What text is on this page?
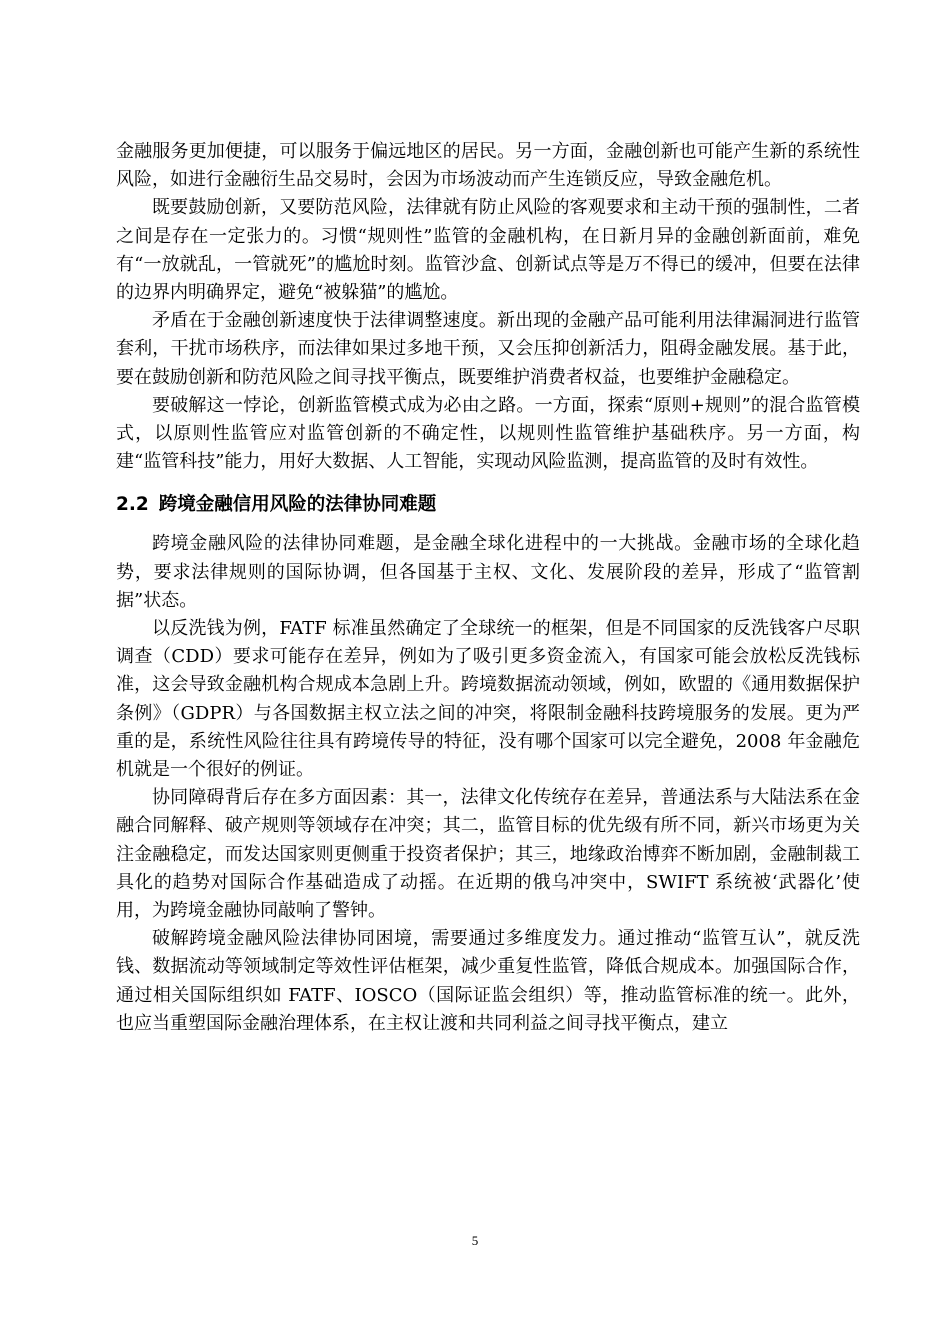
金融服务更加便捷，可以服务于偏远地区的居民。另一方面，金融创新也可能产生新的系统性风险，如进行金融衍生品交易时，会因为市场波动而产生连锁反应，导致金融危机。

既要鼓励创新，又要防范风险，法律就有防止风险的客观要求和主动干预的强制性，二者之间是存在一定张力的。习惯“规则性”监管的金融机构，在日新月异的金融创新面前，难免有“一放就乱，一管就死”的尴尬时刻。监管沙盒、创新试点等是万不得已的缓冲，但要在法律的边界内明确界定，避免“被躲猫”的尴尬。

矛盾在于金融创新速度快于法律调整速度。新出现的金融产品可能利用法律漏洞进行监管套利，干扰市场秩序，而法律如果过多地干预，又会压抑创新活力，阻碍金融发展。基于此，要在鼓励创新和防范风险之间寻找平衡点，既要维护消费者权益，也要维护金融稳定。

要破解这一悖论，创新监管模式成为必由之路。一方面，探索“原则+规则”的混合监管模式，以原则性监管应对监管创新的不确定性，以规则性监管维护基础秩序。另一方面，构建“监管科技”能力，用好大数据、人工智能，实现动风险监测，提高监管的及时有效性。

2.2 跨境金融信用风险的法律协同难题

跨境金融风险的法律协同难题，是金融全球化进程中的一大挑战。金融市场的全球化趋势，要求法律规则的国际协调，但各国基于主权、文化、发展阶段的差异，形成了“监管割据”状态。

以反洗钱为例，FATF 标准虽然确定了全球统一的框架，但是不同国家的反洗钱客户尽职调查（CDD）要求可能存在差异，例如为了吸引更多资金流入，有国家可能会放松反洗钱标准，这会导致金融机构合规成本急剧上升。跨境数据流动领域，例如，欧盟的《通用数据保护条例》（GDPR）与各国数据主权立法之间的冲突，将限制金融科技跨境服务的发展。更为严重的是，系统性风险往往具有跨境传导的特征，没有哪个国家可以完全避免，2008 年金融危机就是一个很好的例证。

协同障碍背后存在多方面因素：其一，法律文化传统存在差异，普通法系与大陆法系在金融合同解释、破产规则等领域存在冲突；其二，监管目标的优先级有所不同，新兴市场更为关注金融稳定，而发达国家则更侧重于投资者保护；其三，地缘政治博弈不断加剧，金融制裁工具化的趋势对国际合作基础造成了动摇。在近期的俄乌冲突中，SWIFT 系统被‘武器化’使用，为跨境金融协同敲响了警钟。

破解跨境金融风险法律协同困境，需要通过多维度发力。通过推动“监管互认”，就反洗钱、数据流动等领域制定等效性评估框架，减少重复性监管，降低合规成本。加强国际合作，通过相关国际组织如 FATF、IOSCO（国际证监会组织）等，推动监管标准的统一。此外，也应当重塑国际金融治理体系，在主权让渡和共同利益之间寻找平衡点，建立

5
